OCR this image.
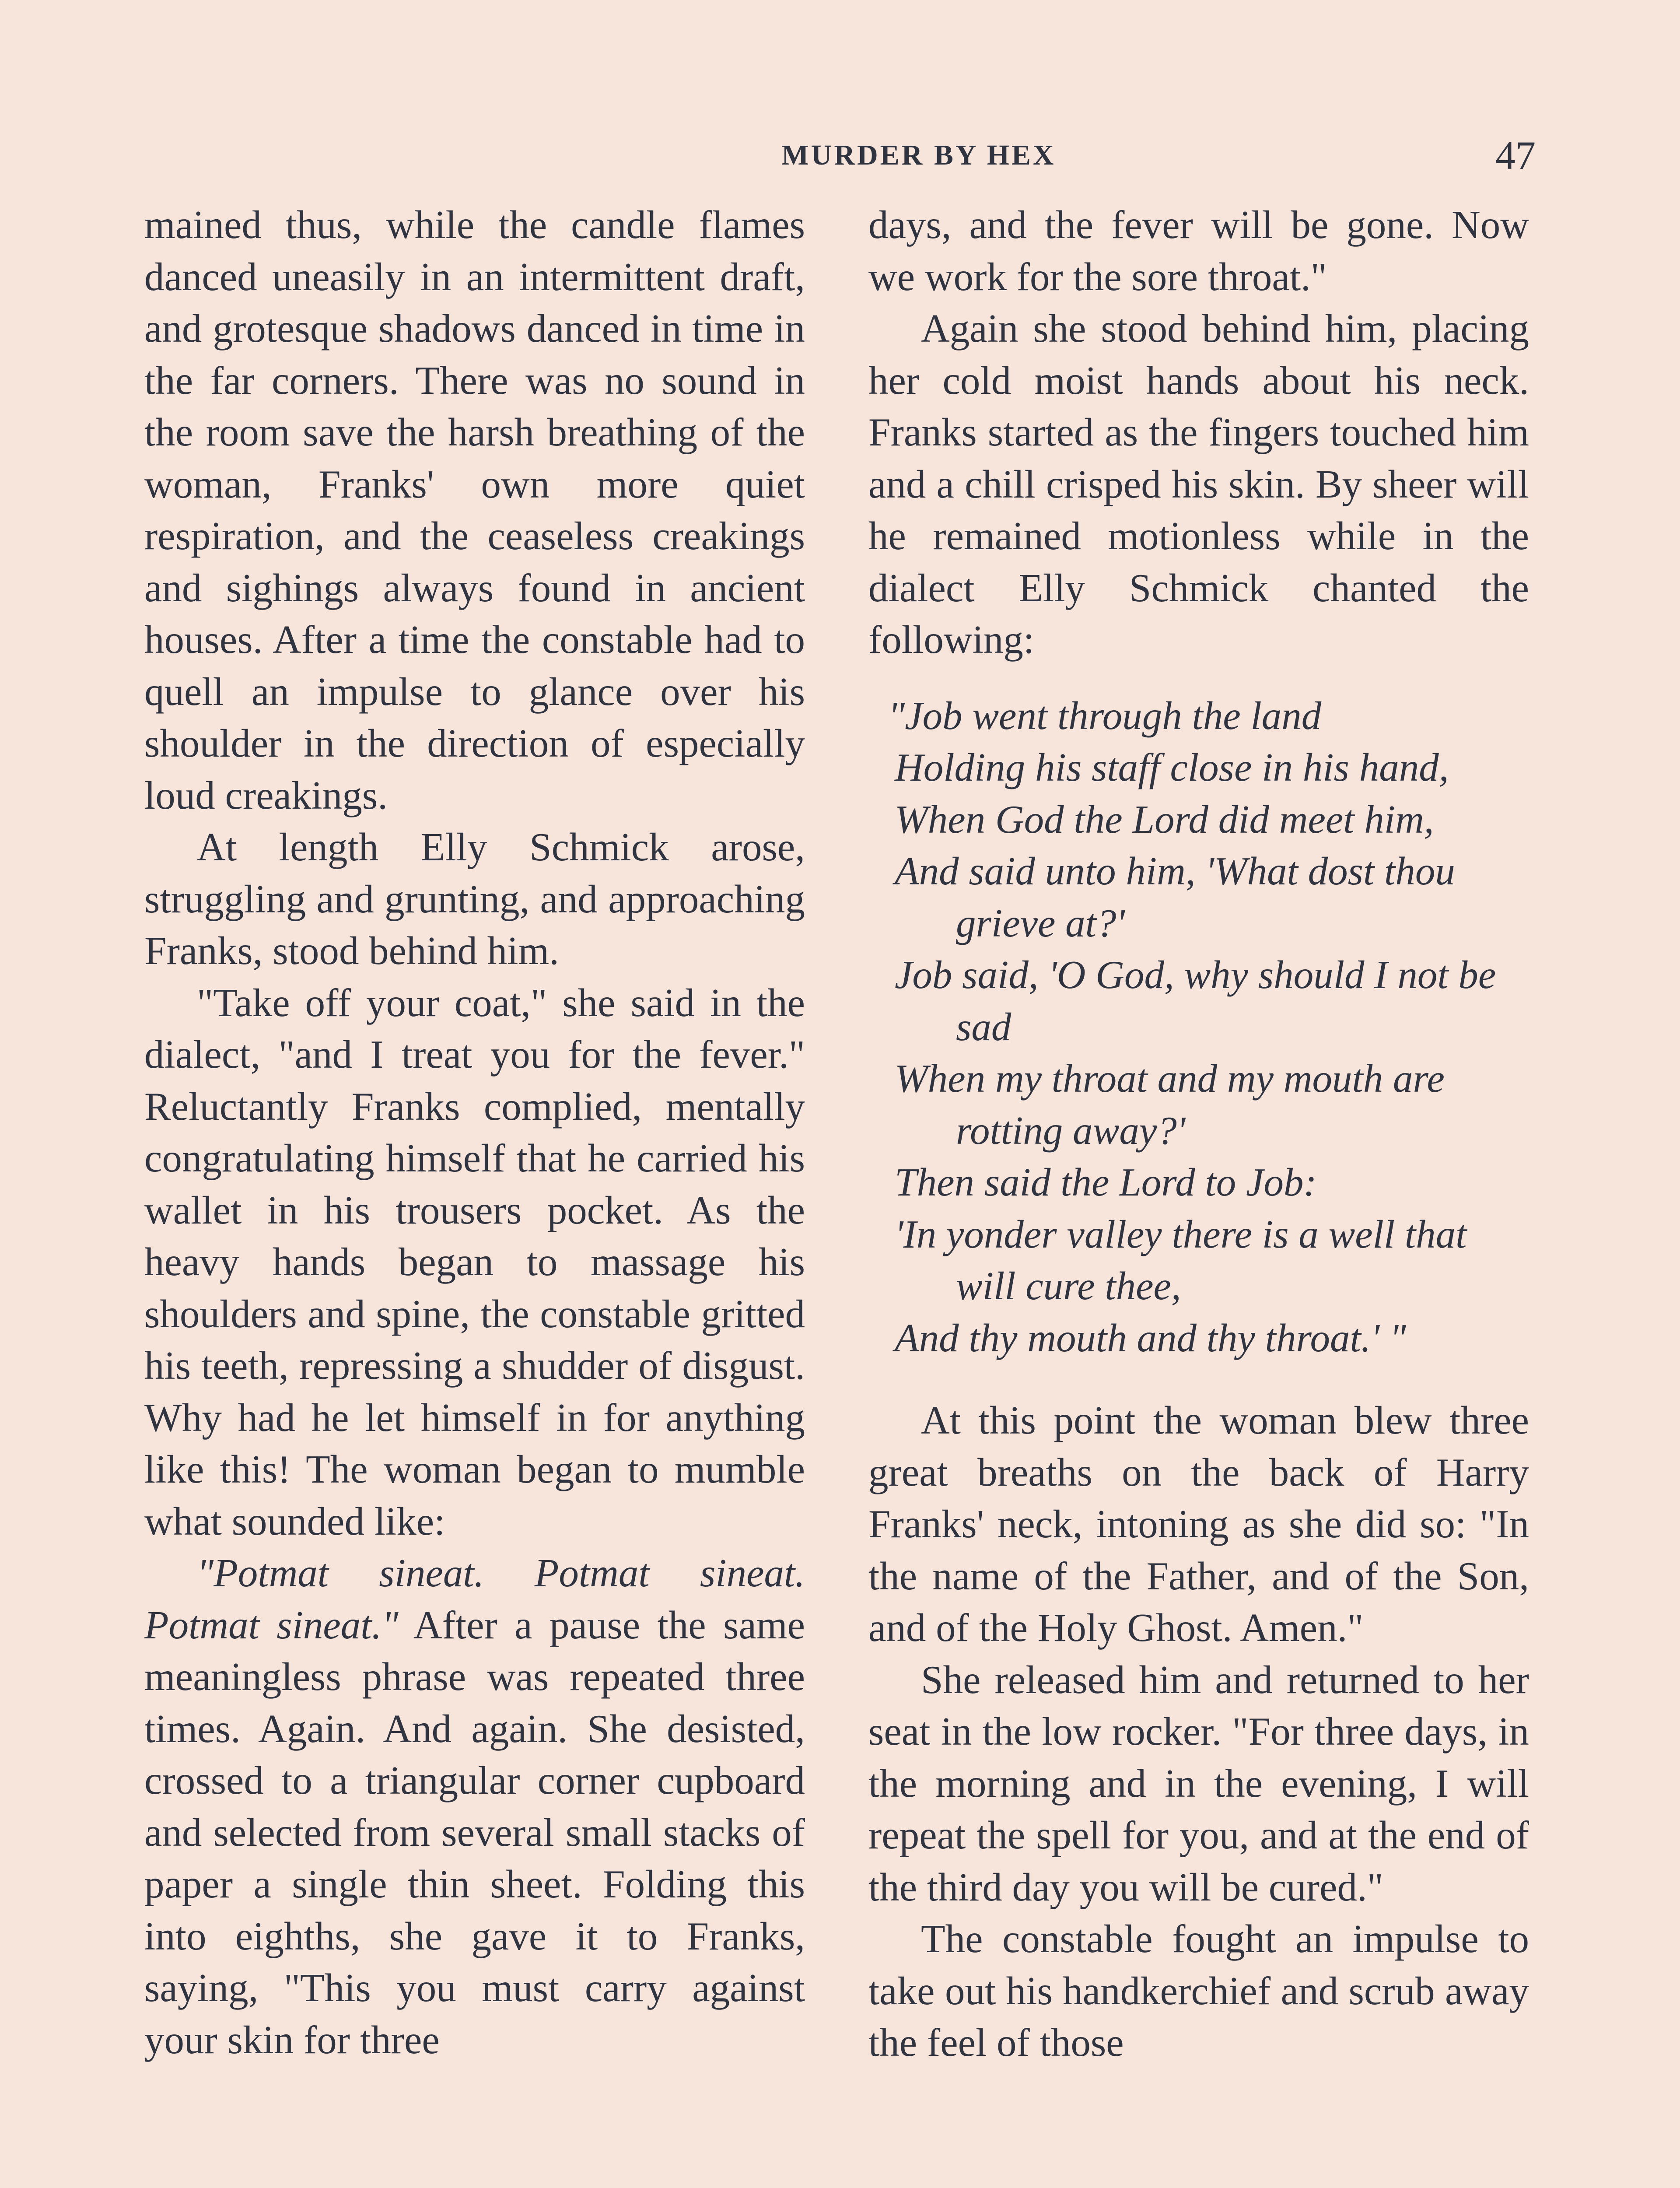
MURDER BY HEX	47

mained thus, while the candle flames danced uneasily in an intermittent draft, and grotesque shadows danced in time in the far corners. There was no sound in the room save the harsh breathing of the woman, Franks' own more quiet respiration, and the ceaseless creakings and sighings always found in ancient houses. After a time the constable had to quell an impulse to glance over his shoulder in the direction of especially loud creakings.

At length Elly Schmick arose, struggling and grunting, and approaching Franks, stood behind him.

"Take off your coat," she said in the dialect, "and I treat you for the fever." Reluctantly Franks complied, mentally congratulating himself that he carried his wallet in his trousers pocket. As the heavy hands began to massage his shoulders and spine, the constable gritted his teeth, repressing a shudder of disgust. Why had he let himself in for anything like this! The woman began to mumble what sounded like:

"Potmat sineat. Potmat sineat. Potmat sineat." After a pause the same meaningless phrase was repeated three times. Again. And again. She desisted, crossed to a triangular corner cupboard and selected from several small stacks of paper a single thin sheet. Folding this into eighths, she gave it to Franks, saying, "This you must carry against your skin for three

days, and the fever will be gone. Now we work for the sore throat."

Again she stood behind him, placing her cold moist hands about his neck. Franks started as the fingers touched him and a chill crisped his skin. By sheer will he remained motionless while in the dialect Elly Schmick chanted the following:

"Job went through the land
Holding his staff close in his hand,
When God the Lord did meet him,
And said unto him, 'What dost thou grieve at?'
Job said, 'O God, why should I not be sad
When my throat and my mouth are rotting away?'
Then said the Lord to Job:
'In yonder valley there is a well that will cure thee,
And thy mouth and thy throat.' "

At this point the woman blew three great breaths on the back of Harry Franks' neck, intoning as she did so: "In the name of the Father, and of the Son, and of the Holy Ghost. Amen."

She released him and returned to her seat in the low rocker. "For three days, in the morning and in the evening, I will repeat the spell for you, and at the end of the third day you will be cured."

The constable fought an impulse to take out his handkerchief and scrub away the feel of those
